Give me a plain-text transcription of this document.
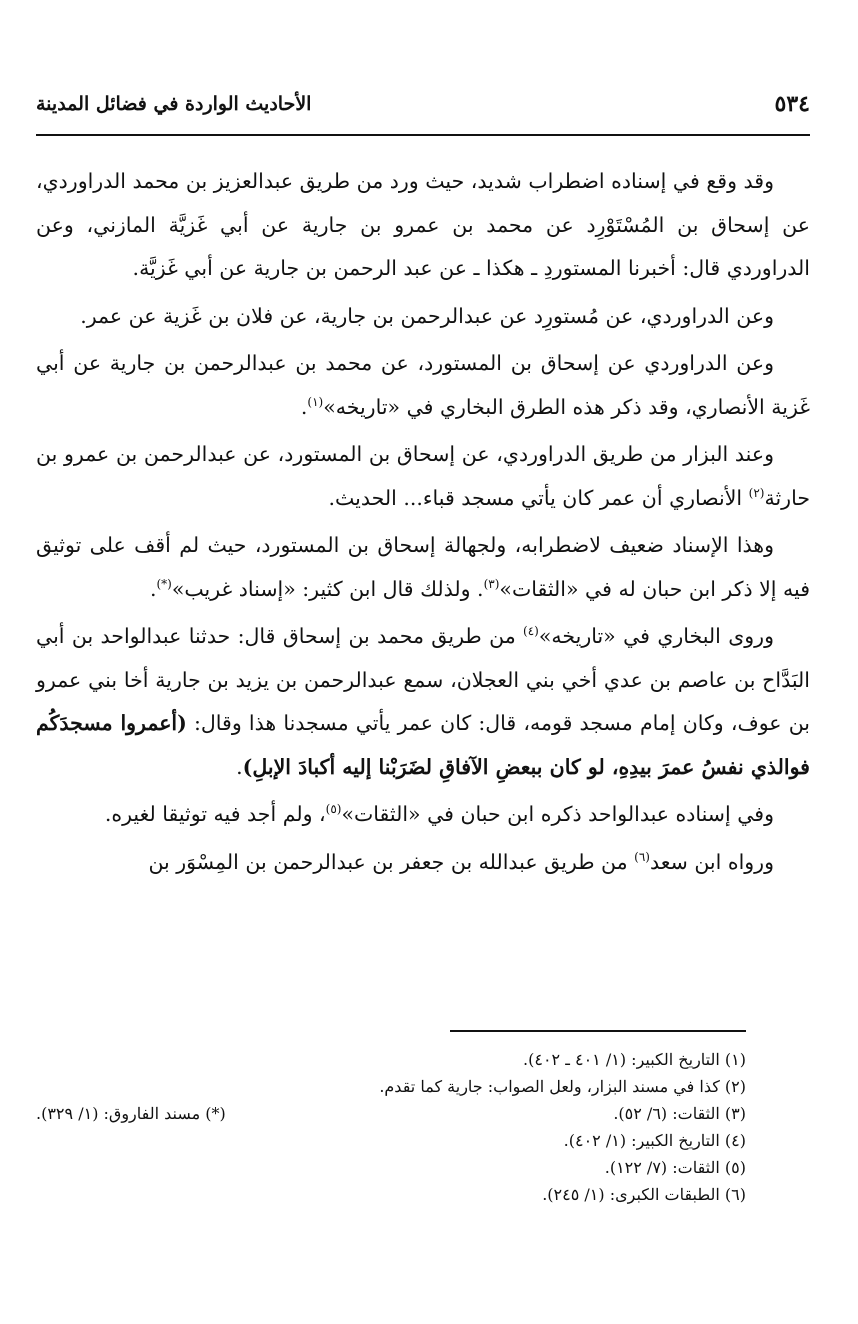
٥٣٤
الأحاديث الواردة في فضائل المدينة

وقد وقع في إسناده اضطراب شديد، حيث ورد من طريق عبدالعزيز بن محمد الدراوردي، عن إسحاق بن المُسْتَوْرِد عن محمد بن عمرو بن جارية عن أبي غَزيَّة المازني، وعن الدراوردي قال: أخبرنا المستوردِ ـ هكذا ـ عن عبد الرحمن بن جارية عن أبي غَزيَّة.

وعن الدراوردي، عن مُستورِد عن عبدالرحمن بن جارية، عن فلان بن غَزية عن عمر.

وعن الدراوردي عن إسحاق بن المستورد، عن محمد بن عبدالرحمن بن جارية عن أبي غَزية الأنصاري، وقد ذكر هذه الطرق البخاري في «تاريخه»$^{(١)}$.

وعند البزار من طريق الدراوردي، عن إسحاق بن المستورد، عن عبدالرحمن بن عمرو بن حارثة$^{(٢)}$ الأنصاري أن عمر كان يأتي مسجد قباء... الحديث.

وهذا الإسناد ضعيف لاضطرابه، ولجهالة إسحاق بن المستورد، حيث لم أقف على توثيق فيه إلا ذكر ابن حبان له في «الثقات»$^{(٣)}$. ولذلك قال ابن كثير: «إسناد غريب»(*).

وروى البخاري في «تاريخه»$^{(٤)}$ من طريق محمد بن إسحاق قال: حدثنا عبدالواحد بن أبي البَدَّاح بن عاصم بن عدي أخي بني العجلان، سمع عبدالرحمن بن يزيد بن جارية أخا بني عمرو بن عوف، وكان إمام مسجد قومه، قال: كان عمر يأتي مسجدنا هذا وقال: (أعمروا مسجدَكُم فوالذي نفسُ عمرَ بيدِهِ، لو كان ببعضِ الآفاقِ لضَرَبْنا إليه أكبادَ الإبلِ).

وفي إسناده عبدالواحد ذكره ابن حبان في «الثقات»$^{(٥)}$، ولم أجد فيه توثيقا لغيره.

ورواه ابن سعد$^{(٦)}$ من طريق عبدالله بن جعفر بن عبدالرحمن بن المِسْوَر بن

(١) التاريخ الكبير: (١/ ٤٠١ ـ ٤٠٢).
(٢) كذا في مسند البزار، ولعل الصواب: جارية كما تقدم.
(٣) الثقات: (٦/ ٥٢).
(*) مسند الفاروق: (١/ ٣٢٩).
(٤) التاريخ الكبير: (١/ ٤٠٢).
(٥) الثقات: (٧/ ١٢٢).
(٦) الطبقات الكبرى: (١/ ٢٤٥).
